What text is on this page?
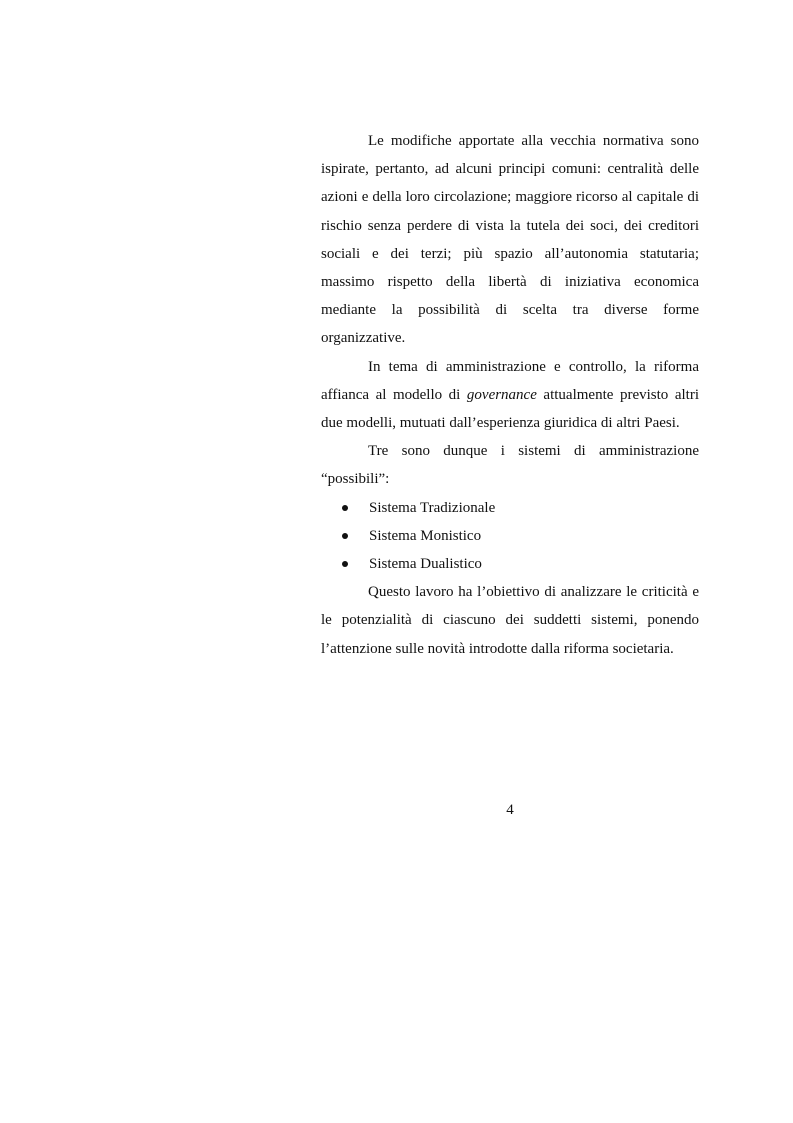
Le modifiche apportate alla vecchia normativa sono ispirate, pertanto, ad alcuni principi comuni: centralità delle azioni e della loro circolazione; maggiore ricorso al capitale di rischio senza perdere di vista la tutela dei soci, dei creditori sociali e dei terzi; più spazio all’autonomia statutaria; massimo rispetto della libertà di iniziativa economica mediante la possibilità di scelta tra diverse forme organizzative.

In tema di amministrazione e controllo, la riforma affianca al modello di governance attualmente previsto altri due modelli, mutuati dall’esperienza giuridica di altri Paesi.

Tre sono dunque i sistemi di amministrazione “possibili”:

Sistema Tradizionale
Sistema Monistico
Sistema Dualistico

Questo lavoro ha l’obiettivo di analizzare le criticità e le potenzialità di ciascuno dei suddetti sistemi, ponendo l’attenzione sulle novità introdotte dalla riforma societaria.

4
